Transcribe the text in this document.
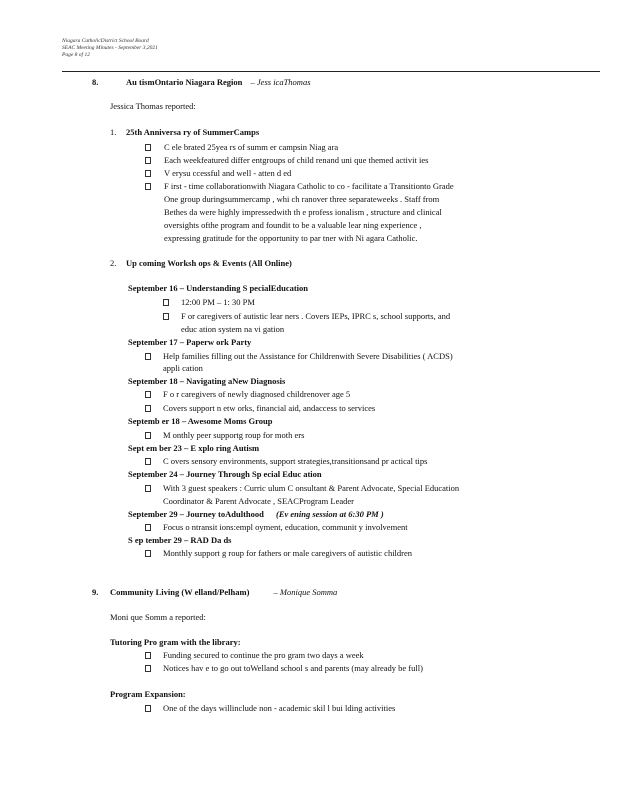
Niagara CatholicDistrict School Board
SEAC Meeting Minutes - September 3,2021
Page 8 of 12
8.	Au tismOntario Niagara Region – Jess icaThomas
Jessica Thomas reported:
1. 25th Anniversa ry of SummerCamps
C ele brated 25yea rs of summ er campsin Niag ara
Each weekfeatured differ entgroups of child renand uni que themed activit ies
V erysu ccessful and well - atten d ed
F irst - time collaborationwith Niagara Catholic to co - facilitate a Transitionto Grade
One group duringsummercamp , whi ch ranover three separateweeks . Staff from
Bethes da were highly impressedwith th e profess ionalism , structure and clinical
oversights ofthe program and foundit to be a valuable lear ning experience ,
expressing gratitude for the opportunity to par tner with Ni agara Catholic.
2. Up coming Worksh ops & Events (All Online)
September 16 – Understanding S pecialEducation
12:00 PM – 1: 30 PM
F or caregivers of autistic lear ners . Covers IEPs, IPRC s, school supports, and
educ ation system na vi gation
September 17 – Paperw ork Party
Help families filling out the Assistance for Childrenwith Severe Disabilities ( ACDS)
appli cation
September 18 – Navigating aNew Diagnosis
F o r caregivers of newly diagnosed childrenover age 5
Covers support n etw orks, financial aid, andaccess to services
Septemb er 18 – Awesome Moms Group
M onthly peer supportg roup for moth ers
Sept em ber 23 – E xplo ring Autism
C overs sensory environments, support strategies,transitionsand pr actical tips
September 24 – Journey Through Sp ecial Educ ation
With 3 guest speakers : Curric ulum C onsultant & Parent Advocate, Special Education
Coordinator & Parent Advocate , SEACProgram Leader
September 29 – Journey toAdulthood (Ev ening session at 6:30 PM )
Focus o ntransit ions:empl oyment, education, communit y involvement
S ep tember 29 – RAD Da ds
Monthly support g roup for fathers or male caregivers of autistic children
9. Community Living (W elland/Pelham)	– Monique Somma
Moni que Somm a reported:
Tutoring Pro gram with the library:
Funding secured to continue the pro gram two days a week
Notices hav e to go out toWelland school s and parents (may already be full)
Program Expansion:
One of the days willinclude non - academic skil l bui lding activities
